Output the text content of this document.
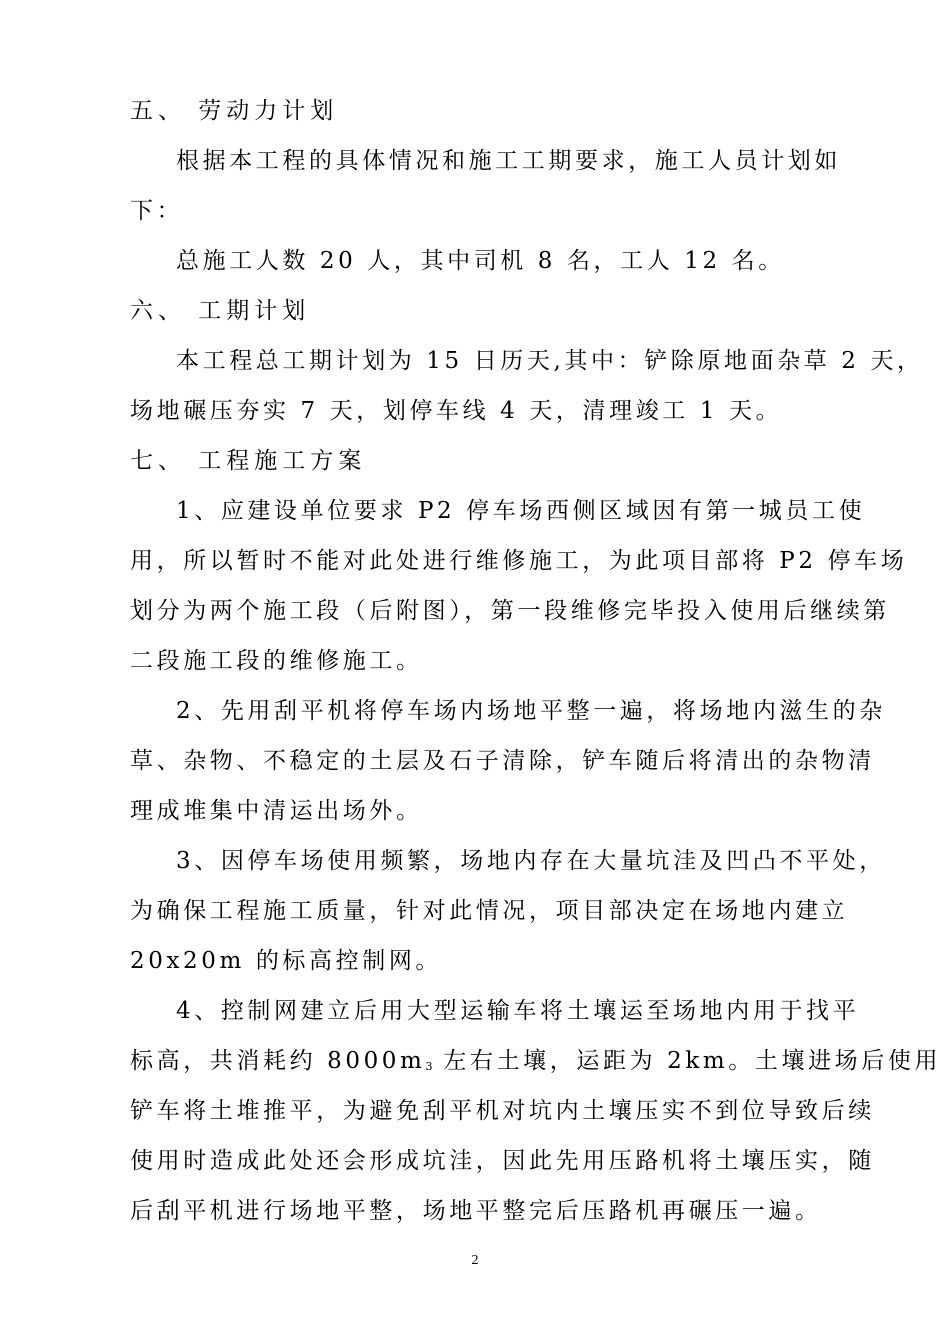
五、 劳动力计划
根据本工程的具体情况和施工工期要求，施工人员计划如
下：
总施工人数 20 人，其中司机 8 名，工人 12 名。
六、 工期计划
本工程总工期计划为 15 日历天,其中：铲除原地面杂草 2 天，
场地碾压夯实 7 天，划停车线 4 天，清理竣工 1 天。
七、 工程施工方案
1、应建设单位要求 P2 停车场西侧区域因有第一城员工使
用，所以暂时不能对此处进行维修施工，为此项目部将 P2 停车场
划分为两个施工段（后附图），第一段维修完毕投入使用后继续第
二段施工段的维修施工。
2、先用刮平机将停车场内场地平整一遍，将场地内滋生的杂
草、杂物、不稳定的土层及石子清除，铲车随后将清出的杂物清
理成堆集中清运出场外。
3、因停车场使用频繁，场地内存在大量坑洼及凹凸不平处，
为确保工程施工质量，针对此情况，项目部决定在场地内建立
20x20m 的标高控制网。
4、控制网建立后用大型运输车将土壤运至场地内用于找平
标高，共消耗约 $8000m_3$ 左右土壤，运距为 2km。土壤进场后使用
铲车将土堆推平，为避免刮平机对坑内土壤压实不到位导致后续
使用时造成此处还会形成坑洼，因此先用压路机将土壤压实，随
后刮平机进行场地平整，场地平整完后压路机再碾压一遍。
2
